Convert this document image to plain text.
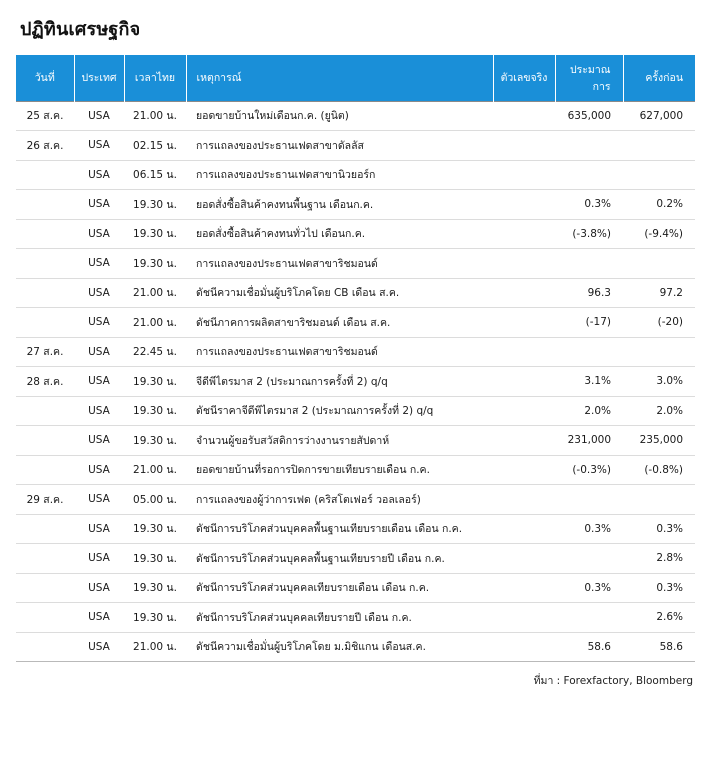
ปฏิทินเศรษฐกิจ
วันที่	ประเทศ	เวลาไทย	เหตุการณ์	ตัวเลขจริง	ประมาณการ	ครั้งก่อน
25 ส.ค.	USA	21.00 น.	ยอดขายบ้านใหม่เดือนก.ค. (ยูนิต)		635,000	627,000
26 ส.ค.	USA	02.15 น.	การแถลงของประธานเฟดสาขาดัลลัส			
	USA	06.15 น.	การแถลงของประธานเฟดสาขานิวยอร์ก			
	USA	19.30 น.	ยอดสั่งซื้อสินค้าคงทนพื้นฐาน เดือนก.ค.		0.3%	0.2%
	USA	19.30 น.	ยอดสั่งซื้อสินค้าคงทนทั่วไป เดือนก.ค.		(-3.8%)	(-9.4%)
	USA	19.30 น.	การแถลงของประธานเฟดสาขาริชมอนด์			
	USA	21.00 น.	ดัชนีความเชื่อมั่นผู้บริโภคโดย CB เดือน ส.ค.		96.3	97.2
	USA	21.00 น.	ดัชนีภาคการผลิตสาขาริชมอนด์ เดือน ส.ค.		(-17)	(-20)
27 ส.ค.	USA	22.45 น.	การแถลงของประธานเฟดสาขาริชมอนด์			
28 ส.ค.	USA	19.30 น.	จีดีพีไตรมาส 2 (ประมาณการครั้งที่ 2) q/q		3.1%	3.0%
	USA	19.30 น.	ดัชนีราคาจีดีพีไตรมาส 2 (ประมาณการครั้งที่ 2) q/q		2.0%	2.0%
	USA	19.30 น.	จำนวนผู้ขอรับสวัสดิการว่างงานรายสัปดาห์		231,000	235,000
	USA	21.00 น.	ยอดขายบ้านที่รอการปิดการขายเทียบรายเดือน ก.ค.		(-0.3%)	(-0.8%)
29 ส.ค.	USA	05.00 น.	การแถลงของผู้ว่าการเฟด (คริสโตเฟอร์ วอลเลอร์)			
	USA	19.30 น.	ดัชนีการบริโภคส่วนบุคคลพื้นฐานเทียบรายเดือน เดือน ก.ค.		0.3%	0.3%
	USA	19.30 น.	ดัชนีการบริโภคส่วนบุคคลพื้นฐานเทียบรายปี เดือน ก.ค.			2.8%
	USA	19.30 น.	ดัชนีการบริโภคส่วนบุคคลเทียบรายเดือน เดือน ก.ค.		0.3%	0.3%
	USA	19.30 น.	ดัชนีการบริโภคส่วนบุคคลเทียบรายปี เดือน ก.ค.			2.6%
	USA	21.00 น.	ดัชนีความเชื่อมั่นผู้บริโภคโดย ม.มิชิแกน เดือนส.ค.		58.6	58.6
ที่มา : Forexfactory, Bloomberg
